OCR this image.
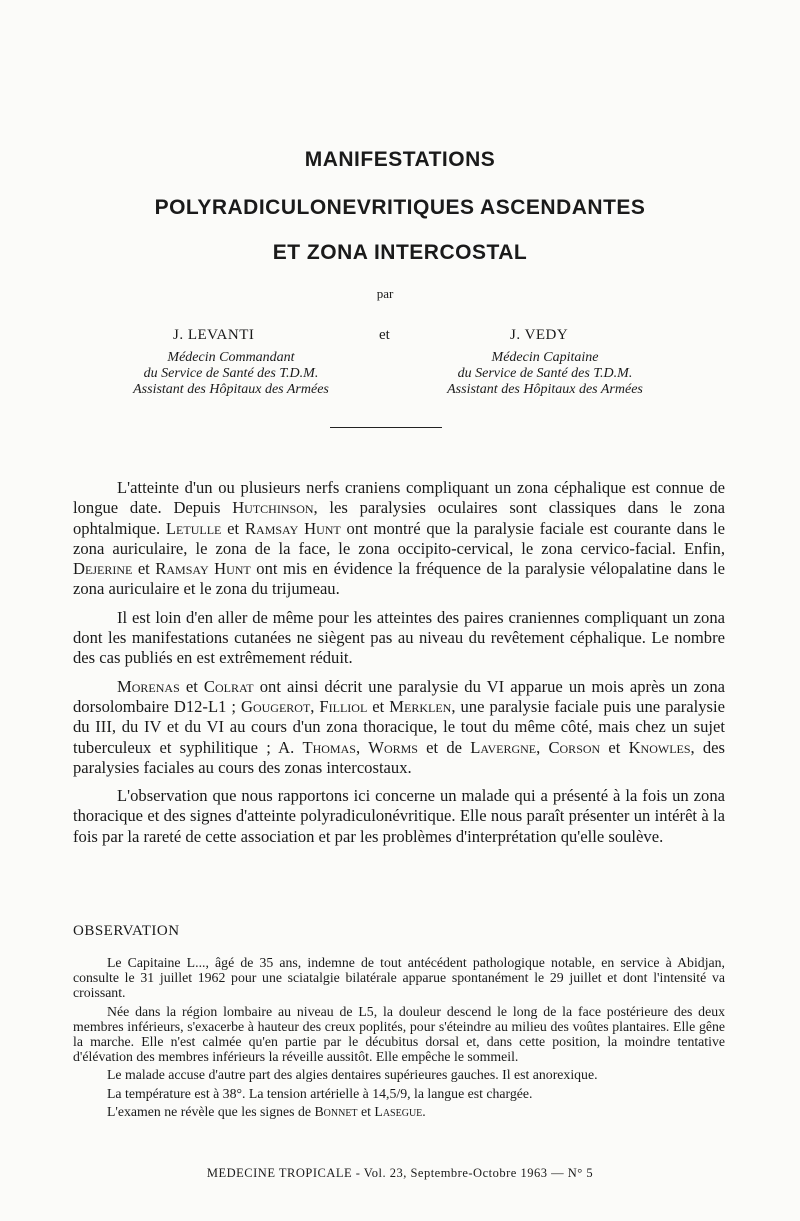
MANIFESTATIONS
POLYRADICULONEVRITIQUES ASCENDANTES
ET ZONA INTERCOSTAL
par
J. LEVANTI	et	J. VEDY
Médecin Commandant
du Service de Santé des T.D.M.
Assistant des Hôpitaux des Armées
Médecin Capitaine
du Service de Santé des T.D.M.
Assistant des Hôpitaux des Armées

L'atteinte d'un ou plusieurs nerfs craniens compliquant un zona céphalique est connue de longue date. Depuis Hutchinson, les paralysies oculaires sont classiques dans le zona ophtalmique. Letulle et Ramsay Hunt ont montré que la paralysie faciale est courante dans le zona auriculaire, le zona de la face, le zona occipito-cervical, le zona cervico-facial. Enfin, Dejerine et Ramsay Hunt ont mis en évidence la fréquence de la paralysie vélopalatine dans le zona auriculaire et le zona du trijumeau.

Il est loin d'en aller de même pour les atteintes des paires craniennes compliquant un zona dont les manifestations cutanées ne siègent pas au niveau du revêtement céphalique. Le nombre des cas publiés en est extrêmement réduit.

Morenas et Colrat ont ainsi décrit une paralysie du VI apparue un mois après un zona dorsolombaire D12-L1 ; Gougerot, Filliol et Merklen, une paralysie faciale puis une paralysie du III, du IV et du VI au cours d'un zona thoracique, le tout du même côté, mais chez un sujet tuberculeux et syphilitique ; A. Thomas, Worms et de Lavergne, Corson et Knowles, des paralysies faciales au cours des zonas intercostaux.

L'observation que nous rapportons ici concerne un malade qui a présenté à la fois un zona thoracique et des signes d'atteinte polyradiculonévritique. Elle nous paraît présenter un intérêt à la fois par la rareté de cette association et par les problèmes d'interprétation qu'elle soulève.

OBSERVATION

Le Capitaine L..., âgé de 35 ans, indemne de tout antécédent pathologique notable, en service à Abidjan, consulte le 31 juillet 1962 pour une sciatalgie bilatérale apparue spontanément le 29 juillet et dont l'intensité va croissant.

Née dans la région lombaire au niveau de L5, la douleur descend le long de la face postérieure des deux membres inférieurs, s'exacerbe à hauteur des creux poplités, pour s'éteindre au milieu des voûtes plantaires. Elle gêne la marche. Elle n'est calmée qu'en partie par le décubitus dorsal et, dans cette position, la moindre tentative d'élévation des membres inférieurs la réveille aussitôt. Elle empêche le sommeil.

Le malade accuse d'autre part des algies dentaires supérieures gauches. Il est anorexique.

La température est à 38°. La tension artérielle à 14,5/9, la langue est chargée.

L'examen ne révèle que les signes de Bonnet et Lasegue.

MEDECINE TROPICALE - Vol. 23, Septembre-Octobre 1963 — N° 5
